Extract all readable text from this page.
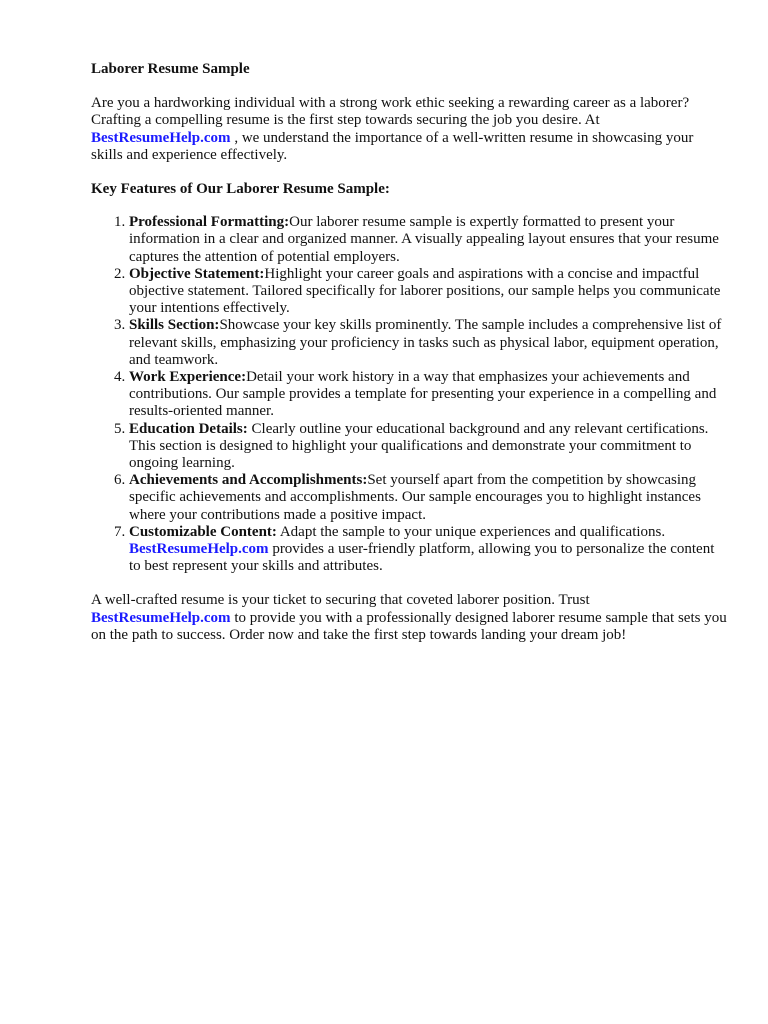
Laborer Resume Sample

Are you a hardworking individual with a strong work ethic seeking a rewarding career as a laborer? Crafting a compelling resume is the first step towards securing the job you desire. At
BestResumeHelp.com , we understand the importance of a well-written resume in showcasing your skills and experience effectively.

Key Features of Our Laborer Resume Sample:

1. Professional Formatting:Our laborer resume sample is expertly formatted to present your information in a clear and organized manner. A visually appealing layout ensures that your resume captures the attention of potential employers.
2. Objective Statement:Highlight your career goals and aspirations with a concise and impactful objective statement. Tailored specifically for laborer positions, our sample helps you communicate your intentions effectively.
3. Skills Section:Showcase your key skills prominently. The sample includes a comprehensive list of relevant skills, emphasizing your proficiency in tasks such as physical labor, equipment operation, and teamwork.
4. Work Experience:Detail your work history in a way that emphasizes your achievements and contributions. Our sample provides a template for presenting your experience in a compelling and results-oriented manner.
5. Education Details: Clearly outline your educational background and any relevant certifications. This section is designed to highlight your qualifications and demonstrate your commitment to ongoing learning.
6. Achievements and Accomplishments:Set yourself apart from the competition by showcasing specific achievements and accomplishments. Our sample encourages you to highlight instances where your contributions made a positive impact.
7. Customizable Content: Adapt the sample to your unique experiences and qualifications.
BestResumeHelp.com provides a user-friendly platform, allowing you to personalize the content to best represent your skills and attributes.

A well-crafted resume is your ticket to securing that coveted laborer position. Trust
BestResumeHelp.com to provide you with a professionally designed laborer resume sample that sets you on the path to success. Order now and take the first step towards landing your dream job!
